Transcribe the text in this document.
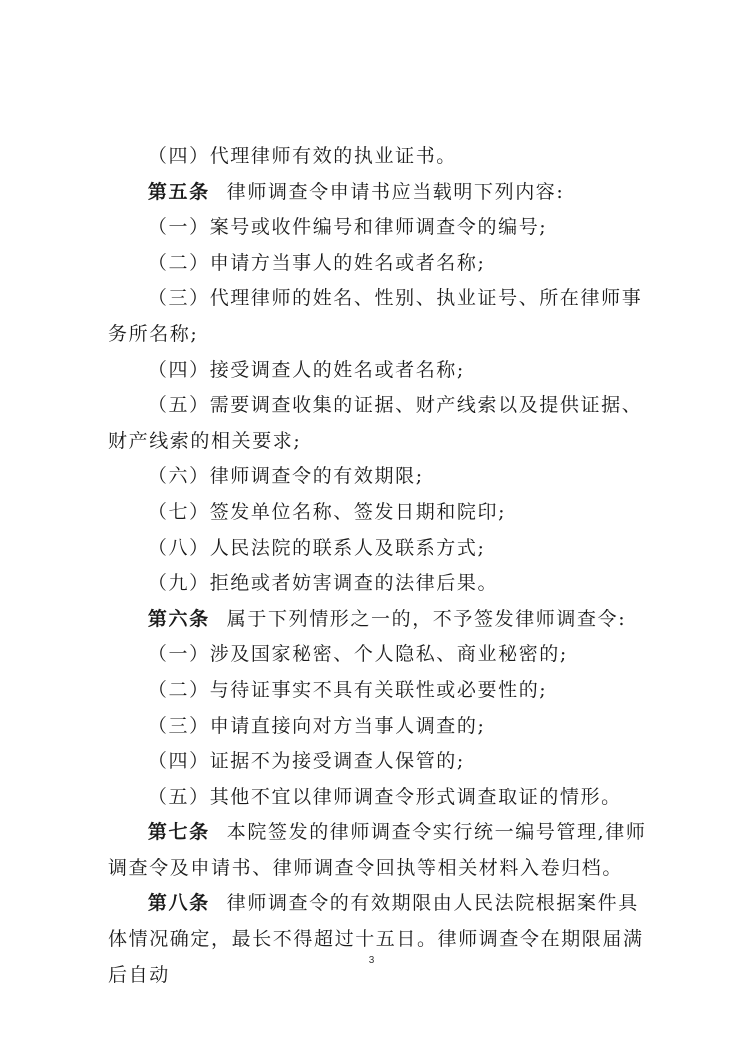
（四）代理律师有效的执业证书。

第五条 律师调查令申请书应当载明下列内容:

（一）案号或收件编号和律师调查令的编号;

（二）申请方当事人的姓名或者名称;

（三）代理律师的姓名、性别、执业证号、所在律师事务所名称;

（四）接受调查人的姓名或者名称;

（五）需要调查收集的证据、财产线索以及提供证据、财产线索的相关要求;

（六）律师调查令的有效期限;

（七）签发单位名称、签发日期和院印;

（八）人民法院的联系人及联系方式;

（九）拒绝或者妨害调查的法律后果。

第六条 属于下列情形之一的，不予签发律师调查令:

（一）涉及国家秘密、个人隐私、商业秘密的;

（二）与待证事实不具有关联性或必要性的;

（三）申请直接向对方当事人调查的;

（四）证据不为接受调查人保管的;

（五）其他不宜以律师调查令形式调查取证的情形。

第七条 本院签发的律师调查令实行统一编号管理,律师调查令及申请书、律师调查令回执等相关材料入卷归档。

第八条 律师调查令的有效期限由人民法院根据案件具体情况确定，最长不得超过十五日。律师调查令在期限届满后自动

3
